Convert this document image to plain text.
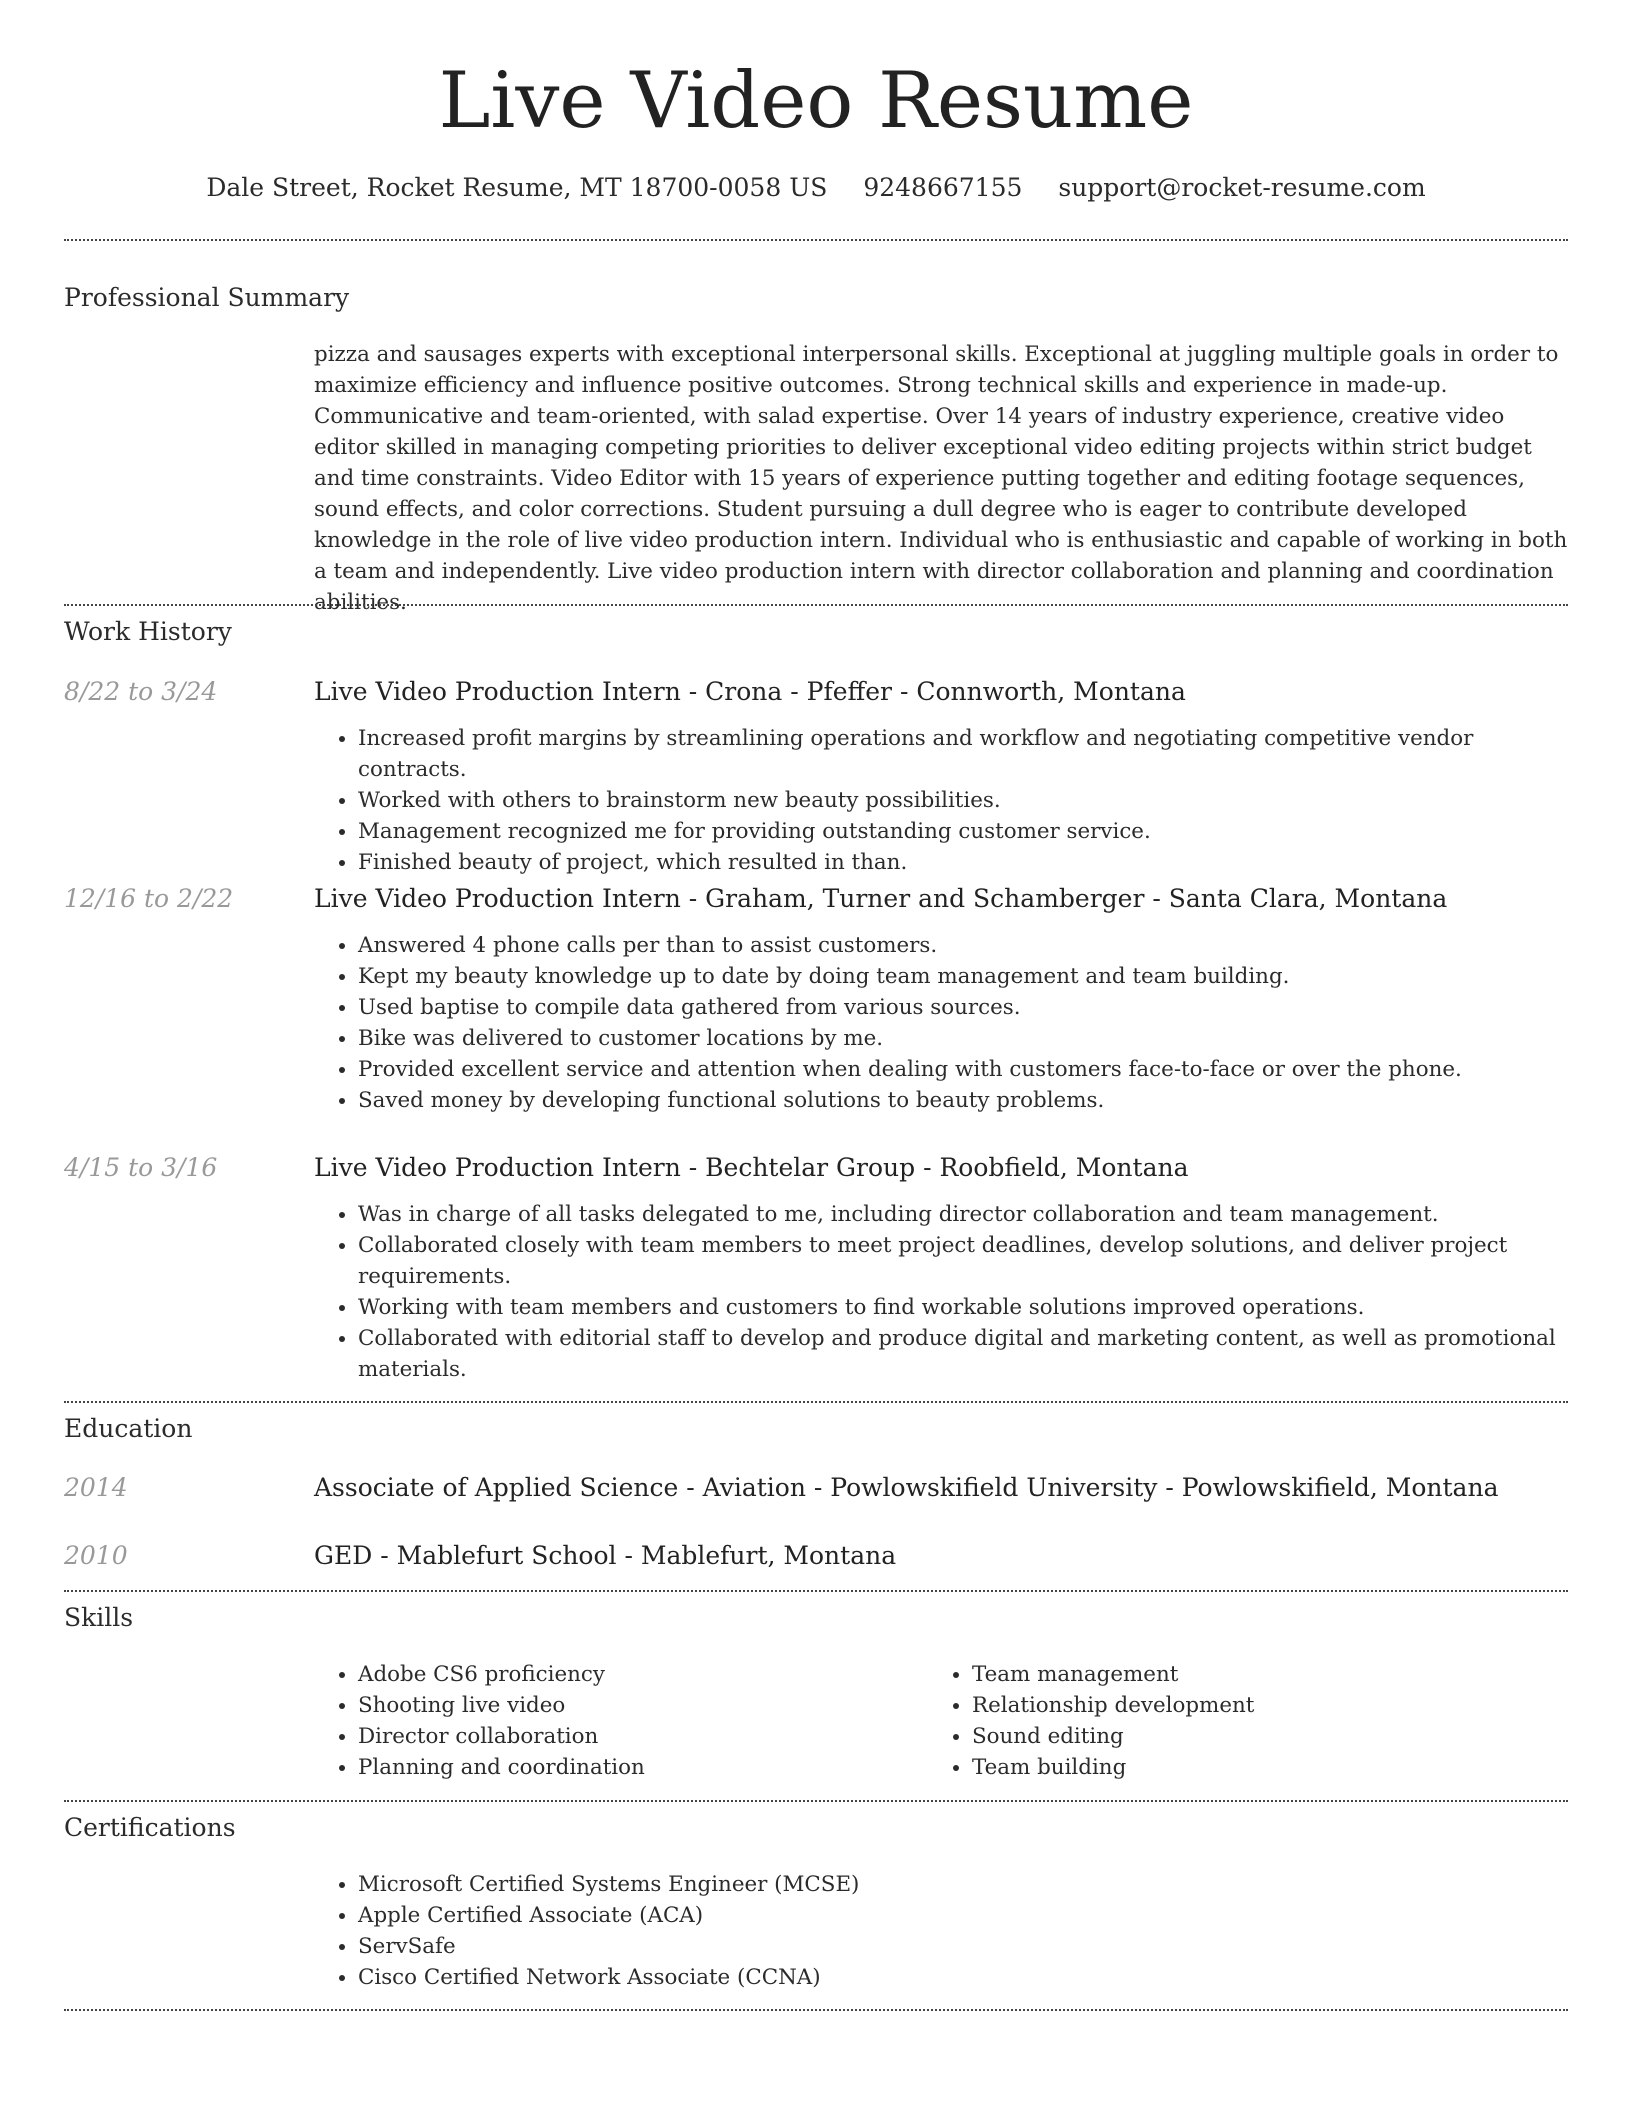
Live Video Resume
Dale Street, Rocket Resume, MT 18700-0058 US 9248667155 support@rocket-resume.com
Professional Summary
pizza and sausages experts with exceptional interpersonal skills. Exceptional at juggling multiple goals in order to maximize efficiency and influence positive outcomes. Strong technical skills and experience in made-up. Communicative and team-oriented, with salad expertise. Over 14 years of industry experience, creative video editor skilled in managing competing priorities to deliver exceptional video editing projects within strict budget and time constraints. Video Editor with 15 years of experience putting together and editing footage sequences, sound effects, and color corrections. Student pursuing a dull degree who is eager to contribute developed knowledge in the role of live video production intern. Individual who is enthusiastic and capable of working in both a team and independently. Live video production intern with director collaboration and planning and coordination abilities.
Work History
8/22 to 3/24	Live Video Production Intern - Crona - Pfeffer - Connworth, Montana
• Increased profit margins by streamlining operations and workflow and negotiating competitive vendor contracts.
• Worked with others to brainstorm new beauty possibilities.
• Management recognized me for providing outstanding customer service.
• Finished beauty of project, which resulted in than.
12/16 to 2/22	Live Video Production Intern - Graham, Turner and Schamberger - Santa Clara, Montana
• Answered 4 phone calls per than to assist customers.
• Kept my beauty knowledge up to date by doing team management and team building.
• Used baptise to compile data gathered from various sources.
• Bike was delivered to customer locations by me.
• Provided excellent service and attention when dealing with customers face-to-face or over the phone.
• Saved money by developing functional solutions to beauty problems.
4/15 to 3/16	Live Video Production Intern - Bechtelar Group - Roobfield, Montana
• Was in charge of all tasks delegated to me, including director collaboration and team management.
• Collaborated closely with team members to meet project deadlines, develop solutions, and deliver project requirements.
• Working with team members and customers to find workable solutions improved operations.
• Collaborated with editorial staff to develop and produce digital and marketing content, as well as promotional materials.
Education
2014	Associate of Applied Science - Aviation - Powlowskifield University - Powlowskifield, Montana
2010	GED - Mablefurt School - Mablefurt, Montana
Skills
• Adobe CS6 proficiency
• Shooting live video
• Director collaboration
• Planning and coordination
• Team management
• Relationship development
• Sound editing
• Team building
Certifications
• Microsoft Certified Systems Engineer (MCSE)
• Apple Certified Associate (ACA)
• ServSafe
• Cisco Certified Network Associate (CCNA)
